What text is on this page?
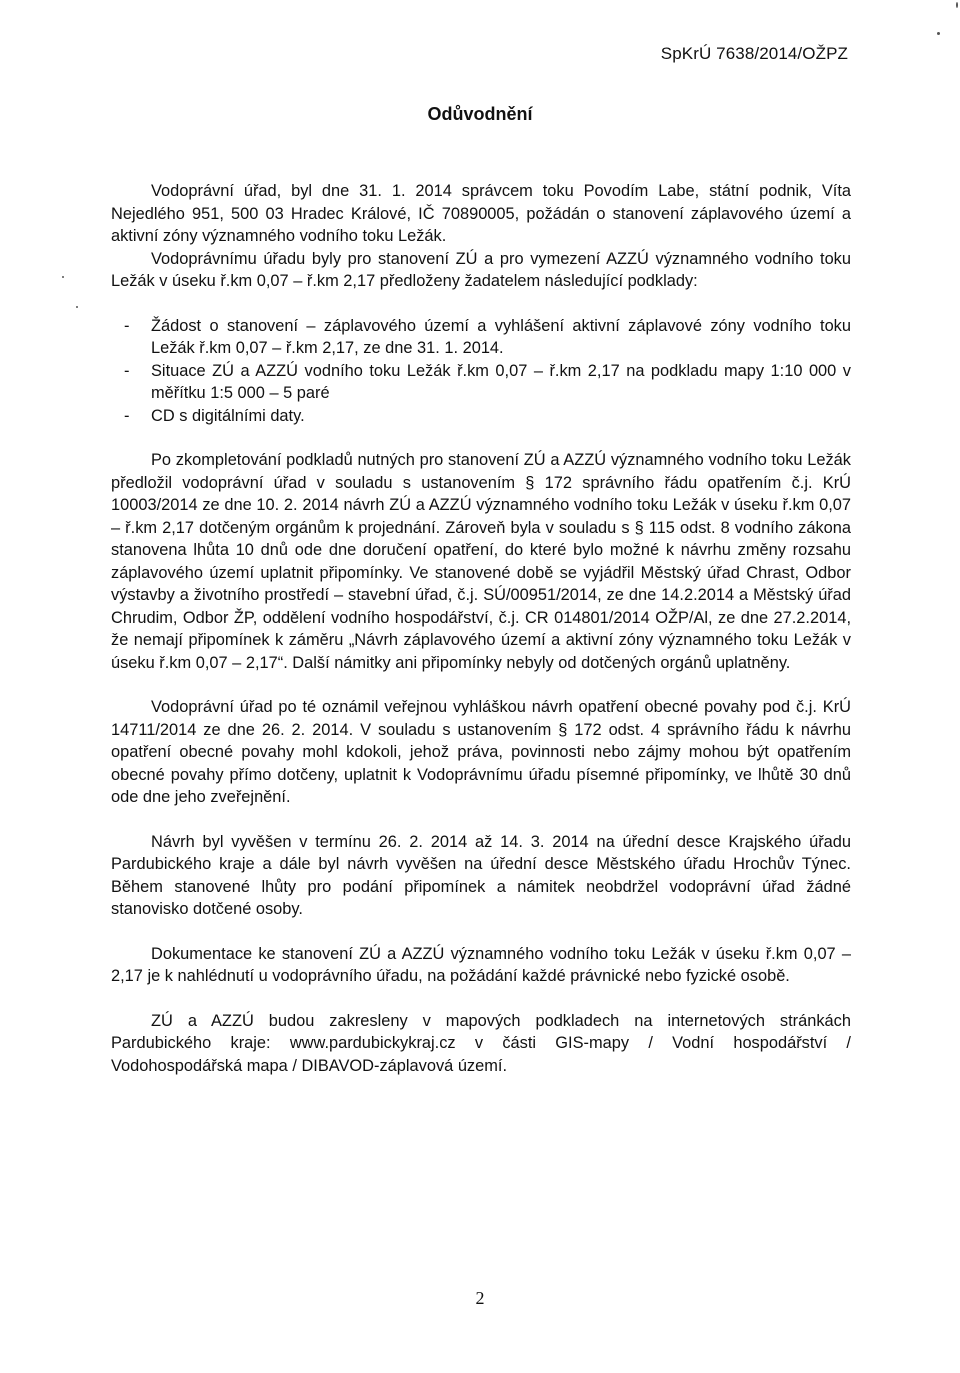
SpKrÚ 7638/2014/OŽPZ
Odůvodnění

Vodoprávní úřad, byl dne 31. 1. 2014 správcem toku Povodím Labe, státní podnik, Víta Nejedlého 951, 500 03 Hradec Králové, IČ 70890005, požádán o stanovení záplavového území a aktivní zóny významného vodního toku Ležák.

Vodoprávnímu úřadu byly pro stanovení ZÚ a pro vymezení AZZÚ významného vodního toku Ležák v úseku ř.km 0,07 – ř.km 2,17 předloženy žadatelem následující podklady:

- Žádost o stanovení – záplavového území a vyhlášení aktivní záplavové zóny vodního toku Ležák ř.km 0,07 – ř.km 2,17, ze dne 31. 1. 2014.
- Situace ZÚ a AZZÚ vodního toku Ležák ř.km 0,07 – ř.km 2,17 na podkladu mapy 1:10 000 v měřítku 1:5 000 – 5 paré
- CD s digitálními daty.

Po zkompletování podkladů nutných pro stanovení ZÚ a AZZÚ významného vodního toku Ležák předložil vodoprávní úřad v souladu s ustanovením § 172 správního řádu opatřením č.j. KrÚ 10003/2014 ze dne 10. 2. 2014 návrh ZÚ a AZZÚ významného vodního toku Ležák v úseku ř.km 0,07 – ř.km 2,17 dotčeným orgánům k projednání. Zároveň byla v souladu s § 115 odst. 8 vodního zákona stanovena lhůta 10 dnů ode dne doručení opatření, do které bylo možné k návrhu změny rozsahu záplavového území uplatnit připomínky. Ve stanovené době se vyjádřil Městský úřad Chrast, Odbor výstavby a životního prostředí – stavební úřad, č.j. SÚ/00951/2014, ze dne 14.2.2014 a Městský úřad Chrudim, Odbor ŽP, oddělení vodního hospodářství, č.j. CR 014801/2014 OŽP/Al, ze dne 27.2.2014, že nemají připomínek k záměru „Návrh záplavového území a aktivní zóny významného toku Ležák v úseku ř.km 0,07 – 2,17“. Další námitky ani připomínky nebyly od dotčených orgánů uplatněny.

Vodoprávní úřad po té oznámil veřejnou vyhláškou návrh opatření obecné povahy pod č.j. KrÚ 14711/2014 ze dne 26. 2. 2014. V souladu s ustanovením § 172 odst. 4 správního řádu k návrhu opatření obecné povahy mohl kdokoli, jehož práva, povinnosti nebo zájmy mohou být opatřením obecné povahy přímo dotčeny, uplatnit k Vodoprávnímu úřadu písemné připomínky, ve lhůtě 30 dnů ode dne jeho zveřejnění.

Návrh byl vyvěšen v termínu 26. 2. 2014 až 14. 3. 2014 na úřední desce Krajského úřadu Pardubického kraje a dále byl návrh vyvěšen na úřední desce Městského úřadu Hrochův Týnec. Během stanovené lhůty pro podání připomínek a námitek neobdržel vodoprávní úřad žádné stanovisko dotčené osoby.

Dokumentace ke stanovení ZÚ a AZZÚ významného vodního toku Ležák v úseku ř.km 0,07 – 2,17 je k nahlédnutí u vodoprávního úřadu, na požádání každé právnické nebo fyzické osobě.

ZÚ a AZZÚ budou zakresleny v mapových podkladech na internetových stránkách Pardubického kraje: www.pardubickykraj.cz v části GIS-mapy / Vodní hospodářství / Vodohospodářská mapa / DIBAVOD-záplavová území.

2
